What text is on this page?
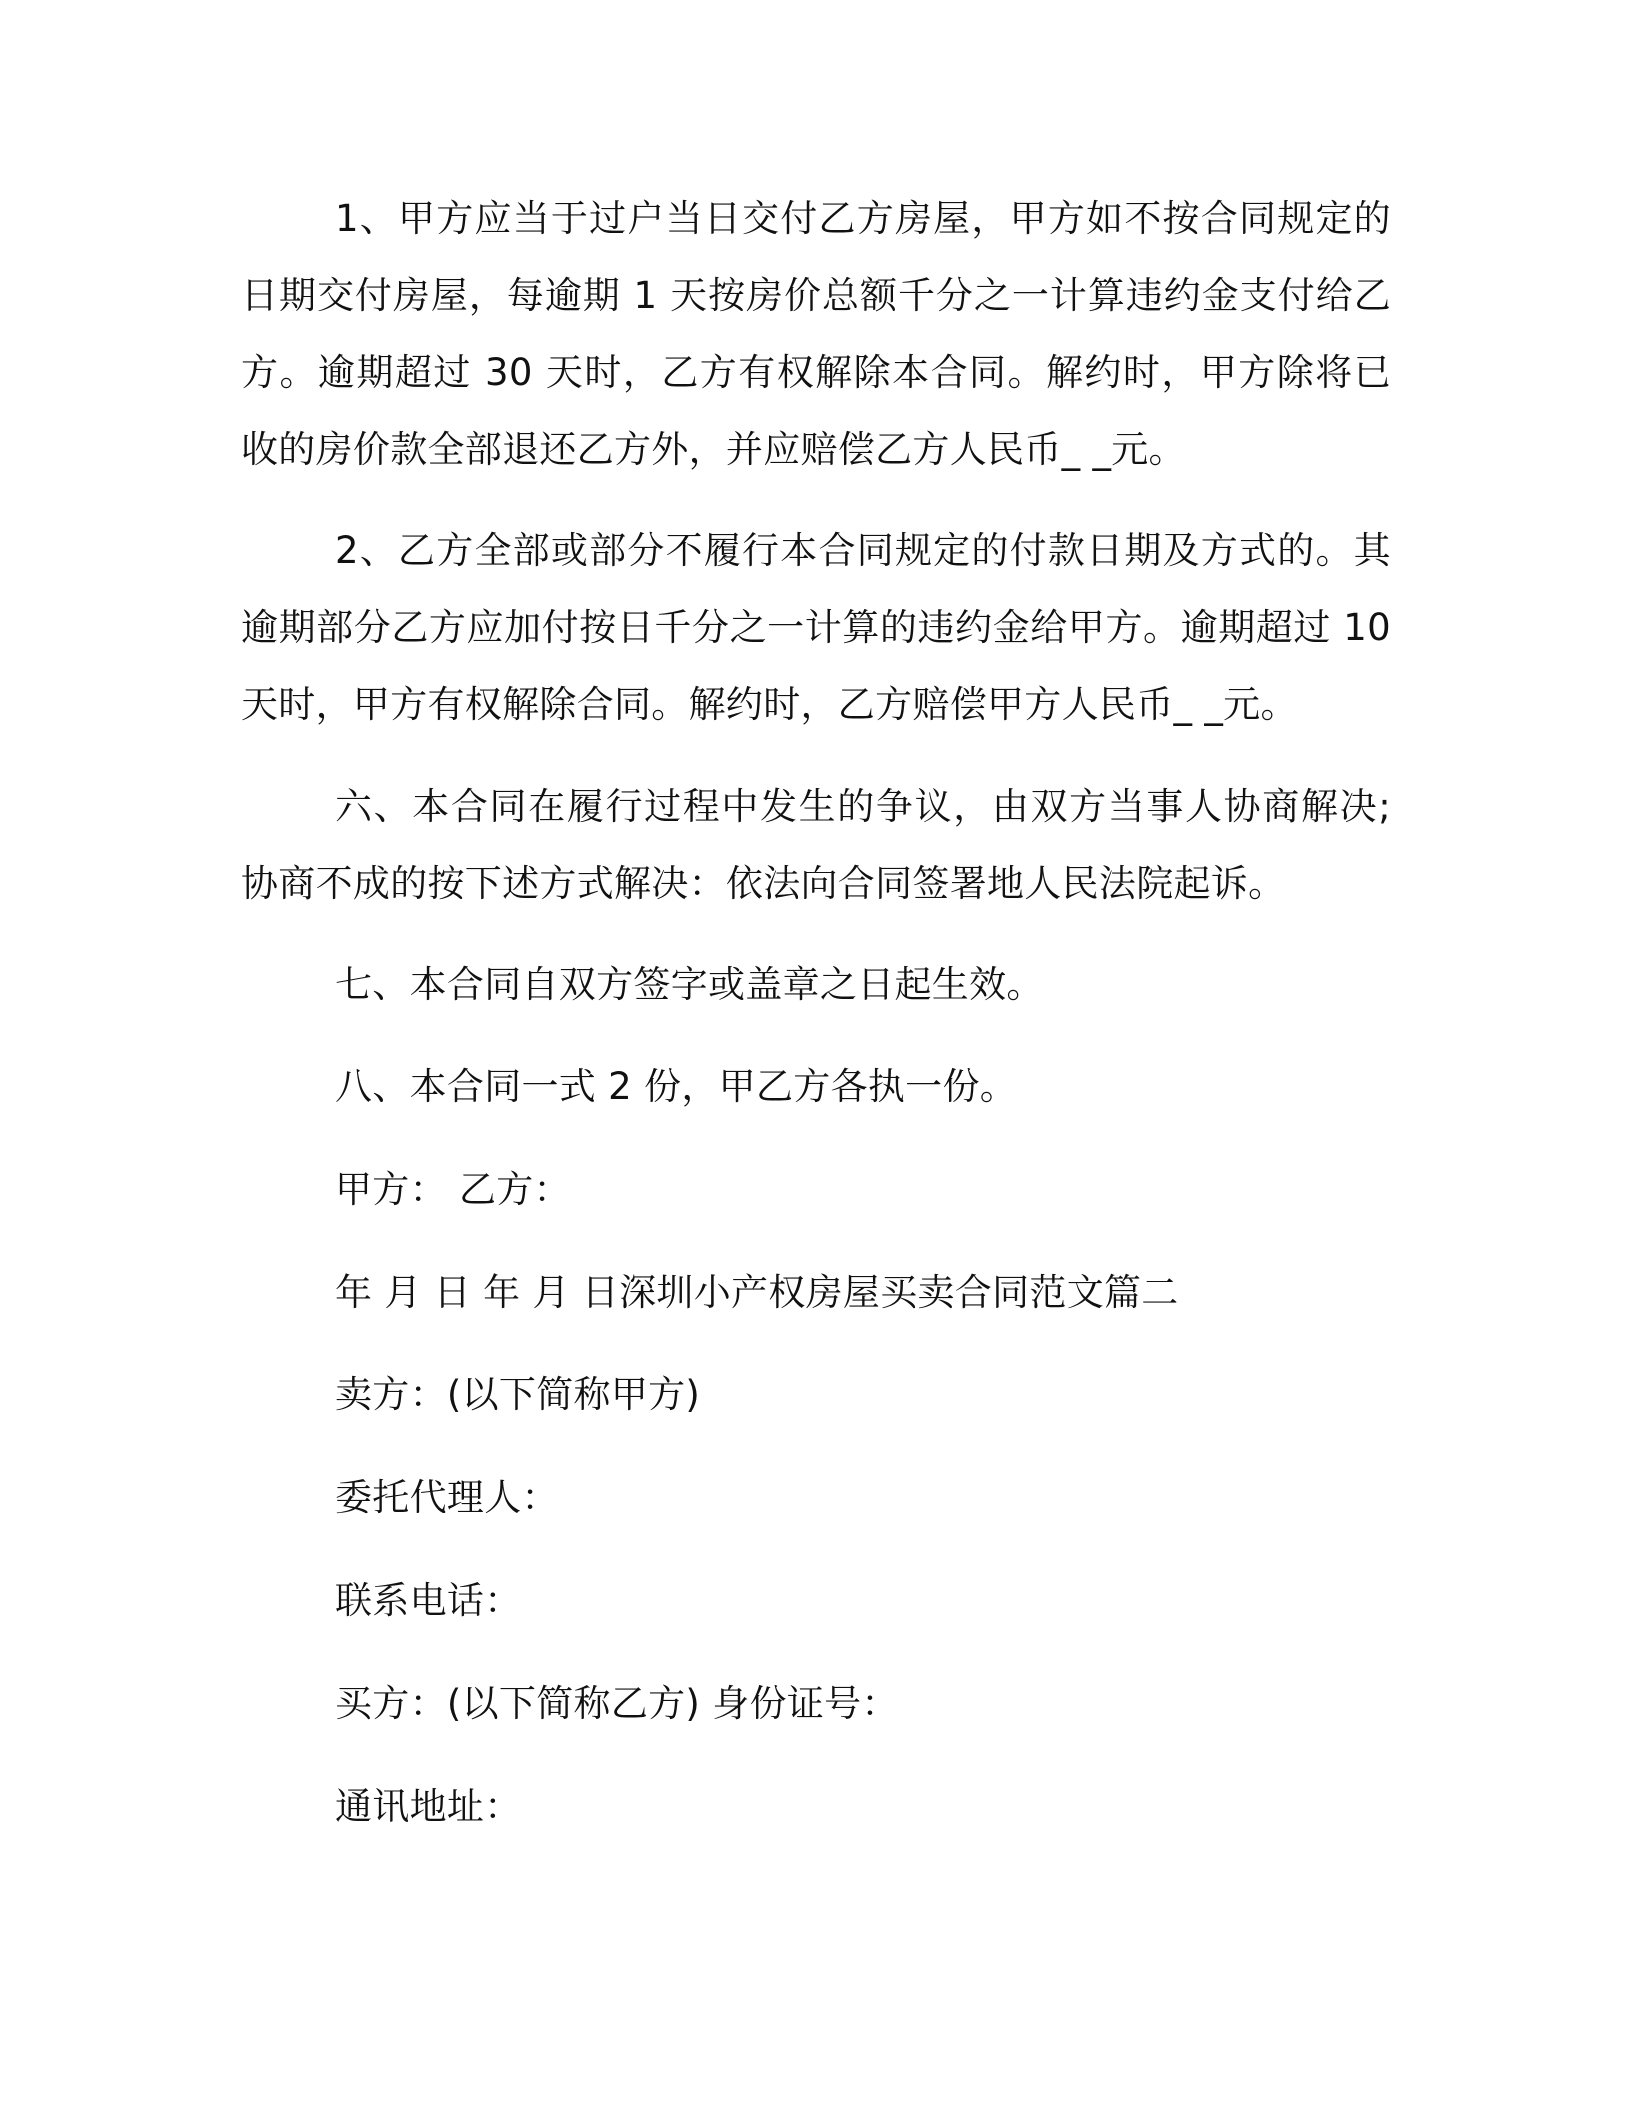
1、甲方应当于过户当日交付乙方房屋，甲方如不按合同规定的日期交付房屋，每逾期 1 天按房价总额千分之一计算违约金支付给乙方。逾期超过 30 天时，乙方有权解除本合同。解约时，甲方除将已收的房价款全部退还乙方外，并应赔偿乙方人民币_ _元。

2、乙方全部或部分不履行本合同规定的付款日期及方式的。其逾期部分乙方应加付按日千分之一计算的违约金给甲方。逾期超过 10 天时，甲方有权解除合同。解约时，乙方赔偿甲方人民币_ _元。

六、本合同在履行过程中发生的争议，由双方当事人协商解决;协商不成的按下述方式解决：依法向合同签署地人民法院起诉。

七、本合同自双方签字或盖章之日起生效。

八、本合同一式 2 份，甲乙方各执一份。

甲方： 乙方：

年 月 日 年 月 日深圳小产权房屋买卖合同范文篇二

卖方：(以下简称甲方)

委托代理人：

联系电话：

买方：(以下简称乙方) 身份证号：

通讯地址：
